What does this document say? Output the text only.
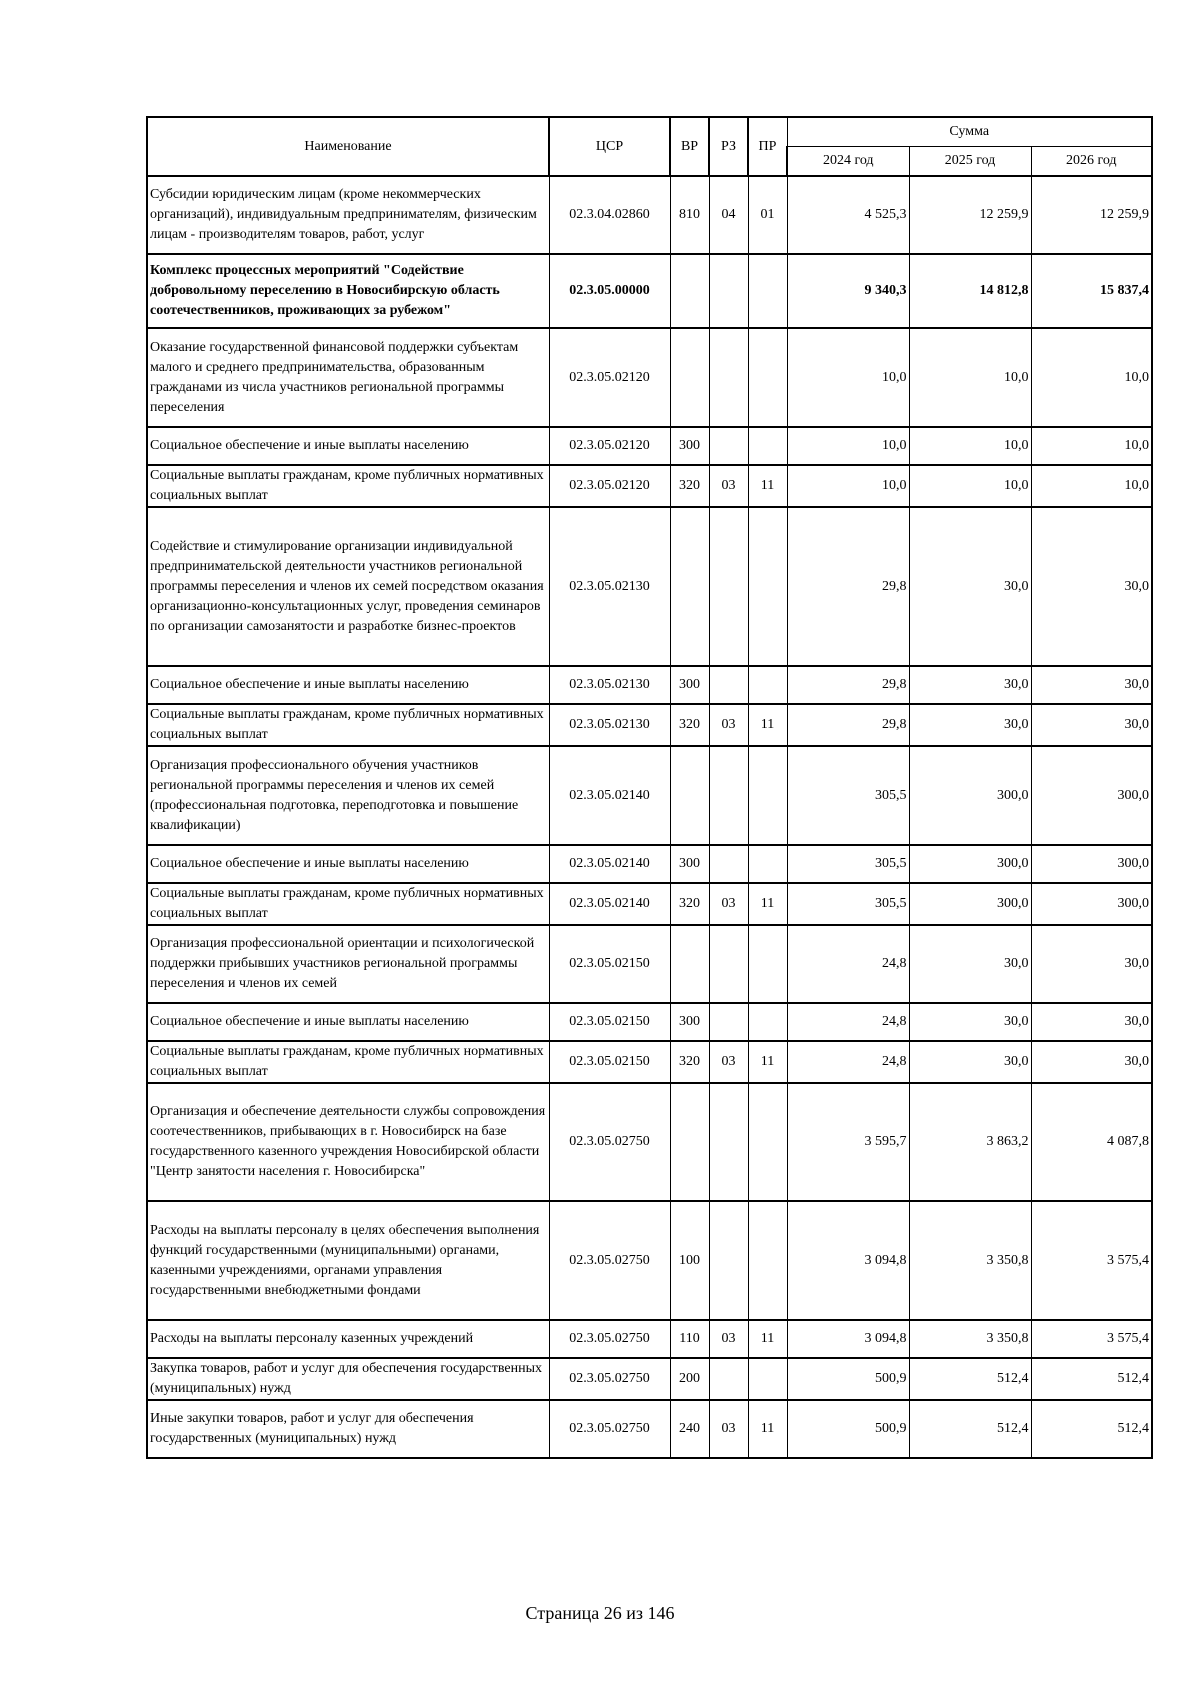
Наименование	ЦСР	ВР	РЗ	ПР	Сумма		
					2024 год	2025 год	2026 год
Субсидии юридическим лицам (кроме некоммерческих организаций), индивидуальным предпринимателям, физическим лицам - производителям товаров, работ, услуг	02.3.04.02860	810	04	01	4 525,3	12 259,9	12 259,9
Комплекс процессных мероприятий "Содействие добровольному переселению в Новосибирскую область соотечественников, проживающих за рубежом"	02.3.05.00000				9 340,3	14 812,8	15 837,4
Оказание государственной финансовой поддержки субъектам малого и среднего предпринимательства, образованным гражданами из числа участников региональной программы переселения	02.3.05.02120				10,0	10,0	10,0
Социальное обеспечение и иные выплаты населению	02.3.05.02120	300			10,0	10,0	10,0
Социальные выплаты гражданам, кроме публичных нормативных социальных выплат	02.3.05.02120	320	03	11	10,0	10,0	10,0
Содействие и стимулирование организации индивидуальной предпринимательской деятельности участников региональной программы переселения и членов их семей посредством оказания организационно-консультационных услуг, проведения семинаров по организации самозанятости и разработке бизнес-проектов	02.3.05.02130				29,8	30,0	30,0
Социальное обеспечение и иные выплаты населению	02.3.05.02130	300			29,8	30,0	30,0
Социальные выплаты гражданам, кроме публичных нормативных социальных выплат	02.3.05.02130	320	03	11	29,8	30,0	30,0
Организация профессионального обучения участников региональной программы переселения и членов их семей (профессиональная подготовка, переподготовка и повышение квалификации)	02.3.05.02140				305,5	300,0	300,0
Социальное обеспечение и иные выплаты населению	02.3.05.02140	300			305,5	300,0	300,0
Социальные выплаты гражданам, кроме публичных нормативных социальных выплат	02.3.05.02140	320	03	11	305,5	300,0	300,0
Организация профессиональной ориентации и психологической поддержки прибывших участников региональной программы переселения и членов их семей	02.3.05.02150				24,8	30,0	30,0
Социальное обеспечение и иные выплаты населению	02.3.05.02150	300			24,8	30,0	30,0
Социальные выплаты гражданам, кроме публичных нормативных социальных выплат	02.3.05.02150	320	03	11	24,8	30,0	30,0
Организация и обеспечение деятельности службы сопровождения соотечественников, прибывающих в г. Новосибирск на базе государственного казенного учреждения Новосибирской области "Центр занятости населения г. Новосибирска"	02.3.05.02750				3 595,7	3 863,2	4 087,8
Расходы на выплаты персоналу в целях обеспечения выполнения функций государственными (муниципальными) органами, казенными учреждениями, органами управления государственными внебюджетными фондами	02.3.05.02750	100			3 094,8	3 350,8	3 575,4
Расходы на выплаты персоналу казенных учреждений	02.3.05.02750	110	03	11	3 094,8	3 350,8	3 575,4
Закупка товаров, работ и услуг для обеспечения государственных (муниципальных) нужд	02.3.05.02750	200			500,9	512,4	512,4
Иные закупки товаров, работ и услуг для обеспечения государственных (муниципальных) нужд	02.3.05.02750	240	03	11	500,9	512,4	512,4
Страница 26 из 146
